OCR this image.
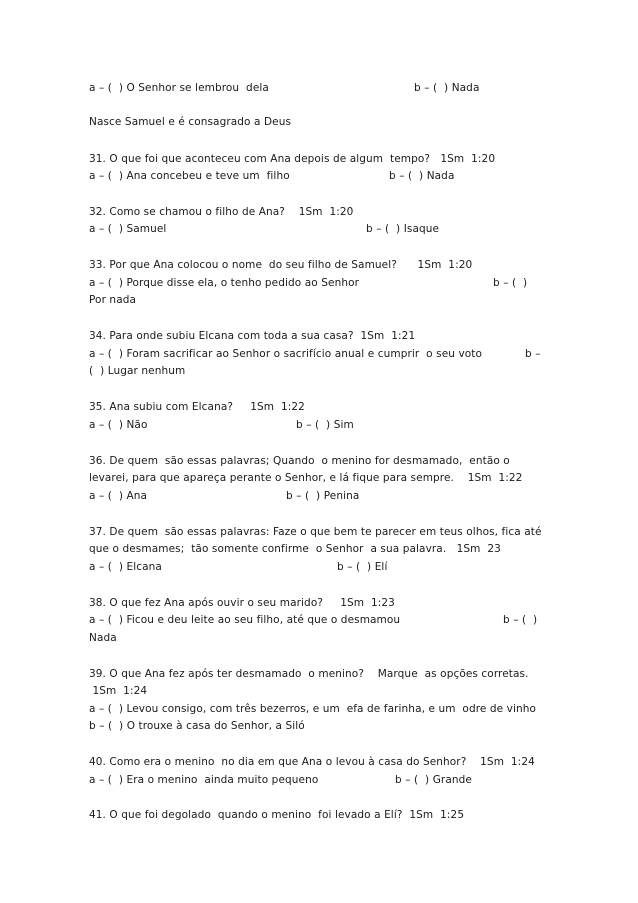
a – (  ) O Senhor se lembrou  dela	b – (  ) Nada
Nasce Samuel e é consagrado a Deus
31. O que foi que aconteceu com Ana depois de algum  tempo?   1Sm  1:20
a – (  ) Ana concebeu e teve um  filho	b – (  ) Nada
32. Como se chamou o filho de Ana?    1Sm  1:20
a – (  ) Samuel	b – (  ) Isaque
33. Por que Ana colocou o nome  do seu filho de Samuel?      1Sm  1:20
a – (  ) Porque disse ela, o tenho pedido ao Senhor	b – (  )
Por nada
34. Para onde subiu Elcana com toda a sua casa?  1Sm  1:21
a – (  ) Foram sacrificar ao Senhor o sacrifício anual e cumprir  o seu voto	b –
(  ) Lugar nenhum
35. Ana subiu com Elcana?     1Sm  1:22
a – (  ) Não	b – (  ) Sim
36. De quem  são essas palavras; Quando  o menino for desmamado,  então o
levarei, para que apareça perante o Senhor, e lá fique para sempre.    1Sm  1:22
a – (  ) Ana	b – (  ) Penina
37. De quem  são essas palavras: Faze o que bem te parecer em teus olhos, fica até
que o desmames;  tão somente confirme  o Senhor  a sua palavra.   1Sm  23
a – (  ) Elcana	b – (  ) Elí
38. O que fez Ana após ouvir o seu marido?     1Sm  1:23
a – (  ) Ficou e deu leite ao seu filho, até que o desmamou	b – (  )
Nada
39. O que Ana fez após ter desmamado  o menino?    Marque  as opções corretas.
1Sm  1:24
a – (  ) Levou consigo, com três bezerros, e um  efa de farinha, e um  odre de vinho
b – (  ) O trouxe à casa do Senhor, a Siló
40. Como era o menino  no dia em que Ana o levou à casa do Senhor?    1Sm  1:24
a – (  ) Era o menino  ainda muito pequeno	b – (  ) Grande
41. O que foi degolado  quando o menino  foi levado a Elí?  1Sm  1:25
